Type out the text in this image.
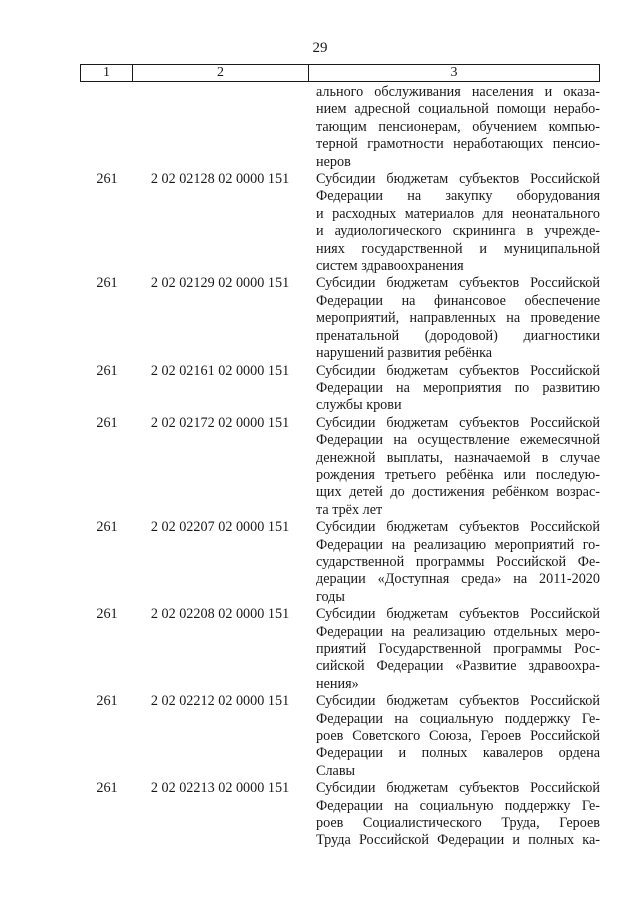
29
1	2	3
ального обслуживания населения и оказа-
нием адресной социальной помощи нерабо-
тающим пенсионерам, обучением компью-
терной грамотности неработающих пенсио-
неров
261	2 02 02128 02 0000 151	Субсидии бюджетам субъектов Российской
Федерации на закупку оборудования
и расходных материалов для неонатального
и аудиологического скрининга в учрежде-
ниях государственной и муниципальной
систем здравоохранения
261	2 02 02129 02 0000 151	Субсидии бюджетам субъектов Российской
Федерации на финансовое обеспечение
мероприятий, направленных на проведение
пренатальной (дородовой) диагностики
нарушений развития ребёнка
261	2 02 02161 02 0000 151	Субсидии бюджетам субъектов Российской
Федерации на мероприятия по развитию
службы крови
261	2 02 02172 02 0000 151	Субсидии бюджетам субъектов Российской
Федерации на осуществление ежемесячной
денежной выплаты, назначаемой в случае
рождения третьего ребёнка или последую-
щих детей до достижения ребёнком возрас-
та трёх лет
261	2 02 02207 02 0000 151	Субсидии бюджетам субъектов Российской
Федерации на реализацию мероприятий го-
сударственной программы Российской Фе-
дерации «Доступная среда» на 2011-2020
годы
261	2 02 02208 02 0000 151	Субсидии бюджетам субъектов Российской
Федерации на реализацию отдельных меро-
приятий Государственной программы Рос-
сийской Федерации «Развитие здравоохра-
нения»
261	2 02 02212 02 0000 151	Субсидии бюджетам субъектов Российской
Федерации на социальную поддержку Ге-
роев Советского Союза, Героев Российской
Федерации и полных кавалеров ордена
Славы
261	2 02 02213 02 0000 151	Субсидии бюджетам субъектов Российской
Федерации на социальную поддержку Ге-
роев Социалистического Труда, Героев
Труда Российской Федерации и полных ка-
